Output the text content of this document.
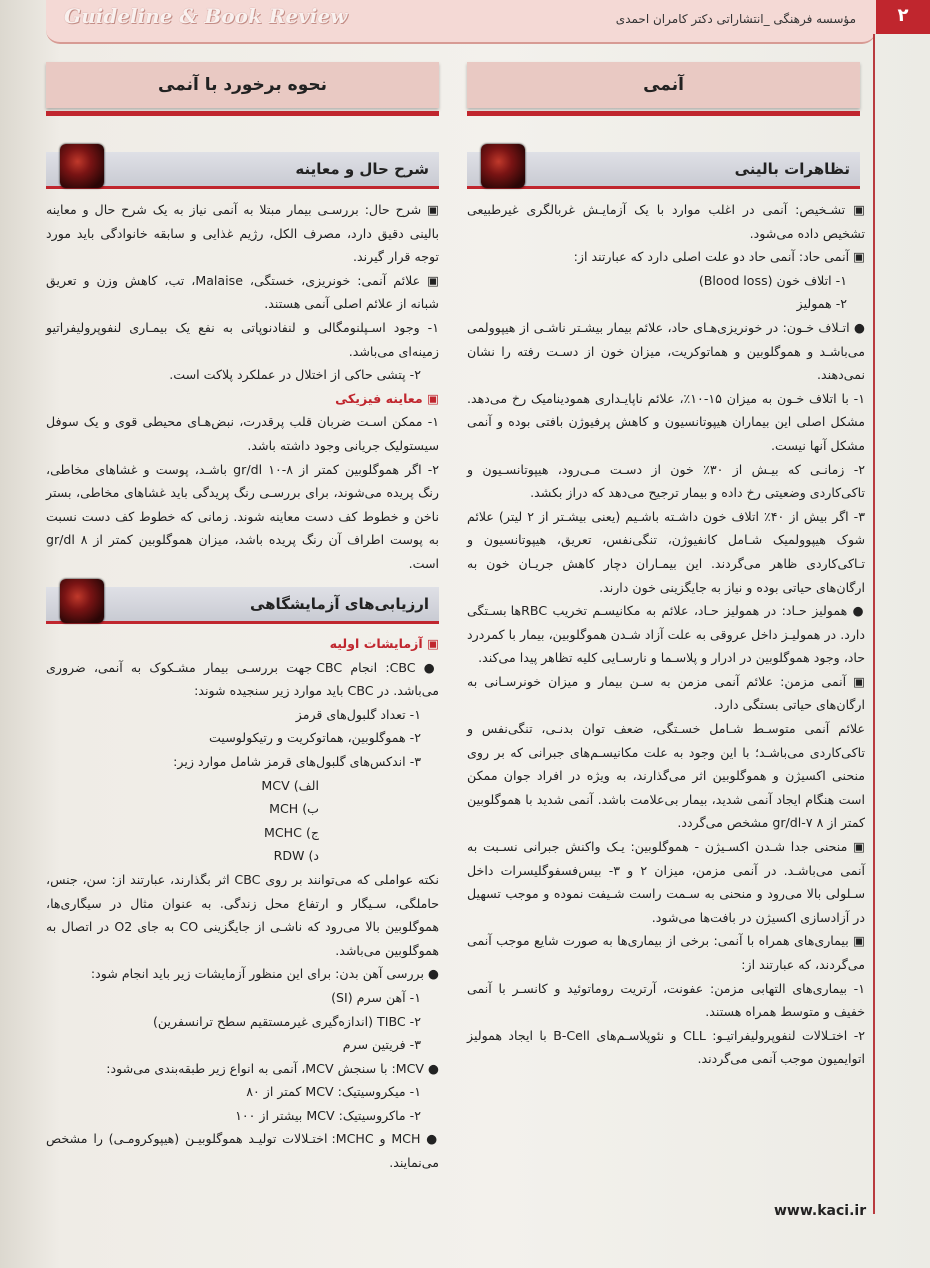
Guideline & Book Review	مؤسسه فرهنگی _انتشاراتی دکتر کامران احمدی	۲
آنمی
نحوه برخورد با آنمی
تظاهرات بالینی

▣ تشـخیص: آنمی در اغلب موارد با یک آزمایـش غربالگری غیرطبیعی تشخیص داده می‌شود.

▣ آنمی حاد: آنمی حاد دو علت اصلی دارد که عبارتند از:

۱- اتلاف خون (Blood loss)

۲- همولیز

● اتـلاف خـون: در خونریزی‌هـای حاد، علائم بیمار بیشـتر ناشـی از هیپوولمی می‌باشـد و هموگلوبین و هماتوکریت، میزان خون از دسـت رفته را نشان نمی‌دهند.

۱- با اتلاف خـون به میزان ۱۵-۱۰٪، علائم ناپایـداری همودینامیک رخ می‌دهد. مشکل اصلی این بیماران هیپوتانسیون و کاهش پرفیوژن بافتی بوده و آنمی مشکل آنها نیست.

۲- زمانـی که بیـش از ۳۰٪ خون از دسـت مـی‌رود، هیپوتانسـیون و تاکی‌کاردی وضعیتی رخ داده و بیمار ترجیح می‌دهد که دراز بکشد.

۳- اگر بیش از ۴۰٪ اتلاف خون داشـته باشـیم (یعنی بیشـتر از ۲ لیتر) علائم شوک هیپوولمیک شـامل کانفیوژن، تنگی‌نفس، تعریق، هیپوتانسیون و تـاکی‌کاردی ظاهر می‌گردند. این بیمـاران دچار کاهش جریـان خون به ارگان‌های حیاتی بوده و نیاز به جایگزینی خون دارند.

● همولیز حـاد: در همولیز حـاد، علائم به مکانیسـم تخریب RBC‌ها بسـتگی دارد. در همولیـز داخل عروقی به علت آزاد شـدن هموگلوبین، بیمار با کمردرد حاد، وجود هموگلوبین در ادرار و پلاسـما و نارسـایی کلیه تظاهر پیدا می‌کند.

▣ آنمی مزمن: علائم آنمی مزمن به سـن بیمار و میزان خونرسـانی به ارگان‌های حیاتی بستگی دارد.

علائم آنمی متوسـط شـامل خسـتگی، ضعف توان بدنـی، تنگی‌نفس و تاکی‌کاردی می‌باشـد؛ با این وجود به علت مکانیسـم‌های جبرانی که بر روی منحنی اکسیژن و هموگلوبین اثر می‌گذارند، به ویژه در افراد جوان ممکن است هنگام ایجاد آنمی شدید، بیمار بی‌علامت باشد. آنمی شدید با هموگلوبین کمتر از ۸ gr/dl-۷ مشخص می‌گردد.

▣ منحنی جدا شـدن اکسـیژن - هموگلوبین: یـک واکنش جبرانی نسـبت به آنمی می‌باشـد. در آنمی مزمن، میزان ۲ و ۳- بیس‌فسفوگلیسرات داخل سـلولی بالا می‌رود و منحنی به سـمت راست شـیفت نموده و موجب تسهیل در آزادسازی اکسیژن در بافت‌ها می‌شود.

▣ بیماری‌های همراه با آنمی: برخی از بیماری‌ها به صورت شایع موجب آنمی می‌گردند، که عبارتند از:

۱- بیماری‌های التهابی مزمن: عفونت، آرتریت روماتوئید و کانسـر با آنمی خفیف و متوسط همراه هستند.

۲- اختـلالات لنفوپرولیفراتیـو: CLL و نئوپلاسـم‌های B-Cell با ایجاد همولیز اتوایمیون موجب آنمی می‌گردند.

شرح حال و معاینه

▣ شرح حال: بررسـی بیمار مبتلا به آنمی نیاز به یک شرح حال و معاینه بالینی دقیق دارد، مصرف الکل، رژیم غذایی و سابقه خانوادگی باید مورد توجه قرار گیرند.

▣ علائم آنمی: خونریزی، خستگی، Malaise، تب، کاهش وزن و تعریق شبانه از علائم اصلی آنمی هستند.

۱- وجود اسـپلنومگالی و لنفادنوپاتی به نفع یک بیمـاری لنفوپرولیفراتیو زمینه‌ای می‌باشد.

۲- پتشی حاکی از اختلال در عملکرد پلاکت است.

▣ معاینه فیزیکی

۱- ممکن اسـت ضربان قلب پرقدرت، نبض‌هـای محیطی قوی و یک سوفل سیستولیک جریانی وجود داشته باشد.

۲- اگر هموگلوبین کمتر از gr/dl ۱۰-۸ باشـد، پوست و غشاهای مخاطی، رنگ پریده می‌شوند، برای بررسـی رنگ پریدگی باید غشاهای مخاطی، بستر ناخن و خطوط کف دست معاینه شوند. زمانی که خطوط کف دست نسبت به پوست اطراف آن رنگ پریده باشد، میزان هموگلوبین کمتر از ۸ gr/dl است.

ارزیابی‌های آزمایشگاهی

▣ آزمایشات اولیه

● CBC: انجام CBC جهت بررسـی بیمار مشـکوک به آنمی، ضروری می‌باشد. در CBC باید موارد زیر سنجیده شوند:

۱- تعداد گلبول‌های قرمز

۲- هموگلوبین، هماتوکریت و رتیکولوسیت

۳- اندکس‌های گلبول‌های قرمز شامل موارد زیر:

الف) MCV

ب) MCH

ج) MCHC

د) RDW

نکته عواملی که می‌توانند بر روی CBC اثر بگذارند، عبارتند از: سن، جنس، حاملگی، سـیگار و ارتفاع محل زندگی. به عنوان مثال در سیگاری‌ها، هموگلوبین بالا می‌رود که ناشـی از جایگزینی CO به جای O2 در اتصال به هموگلوبین می‌باشد.

● بررسی آهن بدن: برای این منظور آزمایشات زیر باید انجام شود:

۱- آهن سرم (SI)

۲- TIBC (اندازه‌گیری غیرمستقیم سطح ترانسفرین)

۳- فریتین سرم

● MCV: با سنجش MCV، آنمی به انواع زیر طبقه‌بندی می‌شود:

۱- میکروسیتیک: MCV کمتر از ۸۰

۲- ماکروسیتیک: MCV بیشتر از ۱۰۰

● MCH و MCHC: اختـلالات تولیـد هموگلوبیـن (هیپوکرومـی) را مشخص می‌نمایند.

www.kaci.ir
